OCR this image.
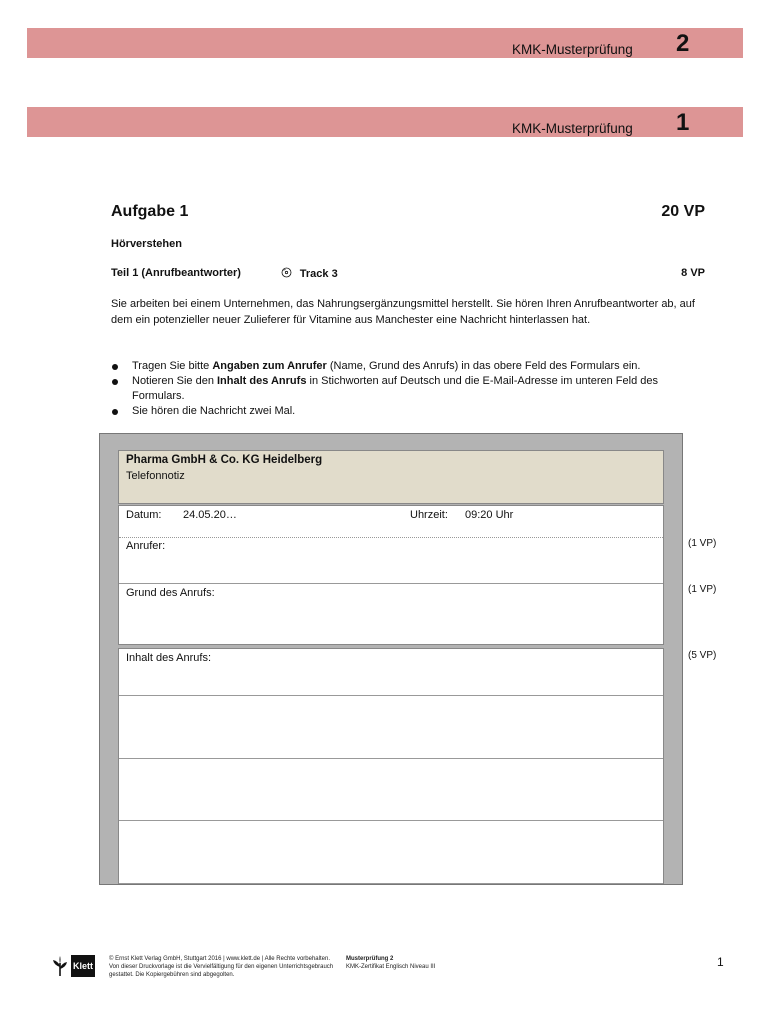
KMK-Musterprüfung 2
KMK-Musterprüfung 1
Aufgabe 1	20 VP
Hörverstehen
Teil 1 (Anrufbeantworter)	Track 3	8 VP
Sie arbeiten bei einem Unternehmen, das Nahrungsergänzungsmittel herstellt. Sie hören Ihren Anrufbeantworter ab, auf dem ein potenzieller neuer Zulieferer für Vitamine aus Manchester eine Nachricht hinterlassen hat.
Tragen Sie bitte Angaben zum Anrufer (Name, Grund des Anrufs) in das obere Feld des Formulars ein.
Notieren Sie den Inhalt des Anrufs in Stichworten auf Deutsch und die E-Mail-Adresse im unteren Feld des Formulars.
Sie hören die Nachricht zwei Mal.
Pharma GmbH & Co. KG Heidelberg
Telefonnotiz
Datum: 24.05.20…	Uhrzeit: 09:20 Uhr
Anrufer:
Grund des Anrufs:
Inhalt des Anrufs:
(1 VP)
(1 VP)
(5 VP)
Klett
© Ernst Klett Verlag GmbH, Stuttgart 2016 | www.klett.de | Alle Rechte vorbehalten. Von dieser Druckvorlage ist die Vervielfältigung für den eigenen Unterrichtsgebrauch gestattet. Die Kopiergebühren sind abgegolten.
Musterprüfung 2
KMK-Zertifikat Englisch Niveau III	1
